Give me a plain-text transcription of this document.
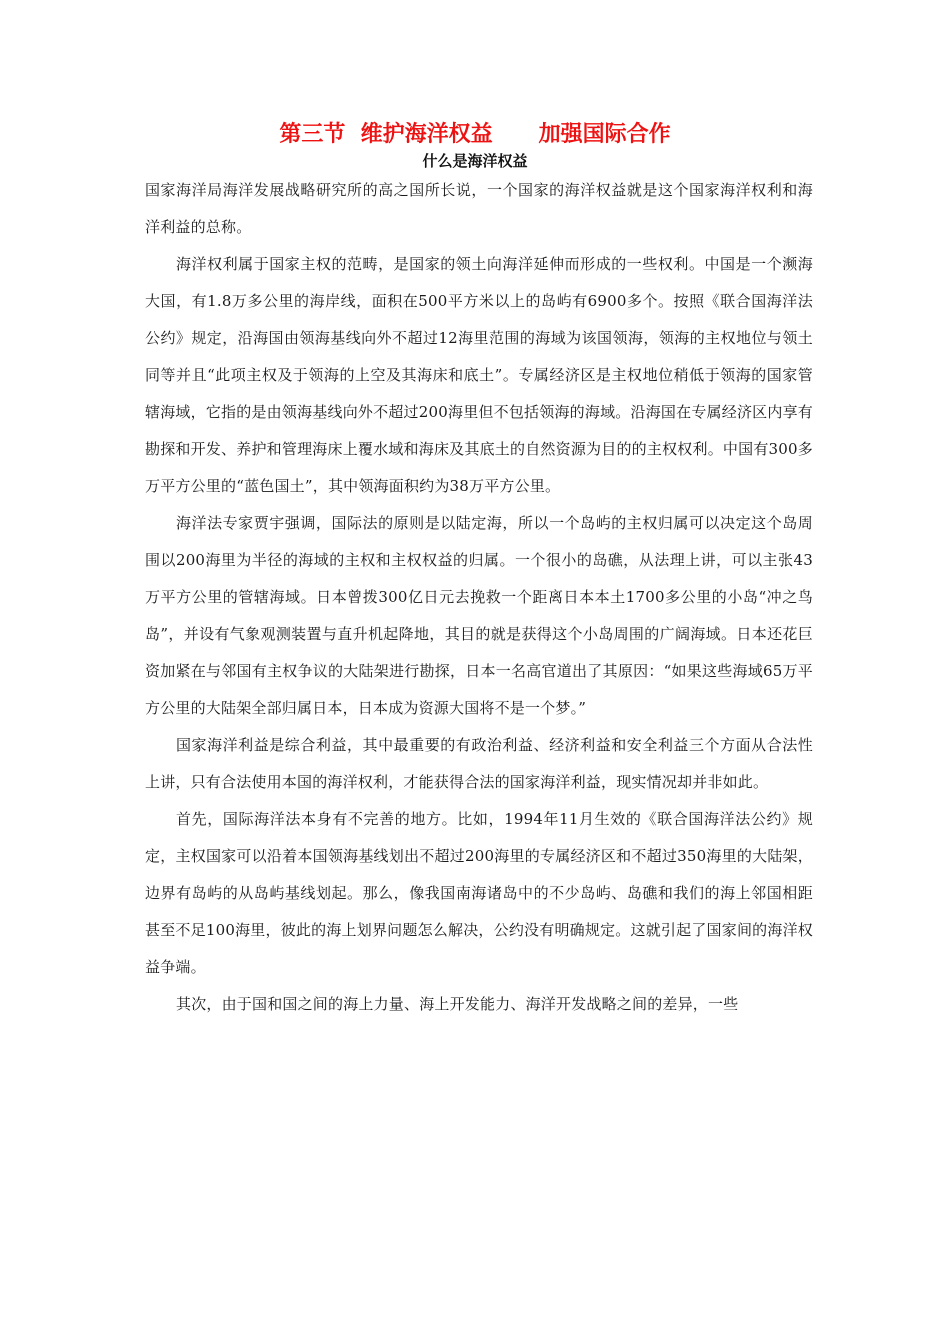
第三节  维护海洋权益      加强国际合作
什么是海洋权益

国家海洋局海洋发展战略研究所的高之国所长说，一个国家的海洋权益就是这个国家海洋权利和海洋利益的总称。

海洋权利属于国家主权的范畴，是国家的领土向海洋延伸而形成的一些权利。中国是一个濒海大国，有1.8万多公里的海岸线，面积在500平方米以上的岛屿有6900多个。按照《联合国海洋法公约》规定，沿海国由领海基线向外不超过12海里范围的海域为该国领海，领海的主权地位与领土同等并且“此项主权及于领海的上空及其海床和底土”。专属经济区是主权地位稍低于领海的国家管辖海域，它指的是由领海基线向外不超过200海里但不包括领海的海域。沿海国在专属经济区内享有勘探和开发、养护和管理海床上覆水域和海床及其底土的自然资源为目的的主权权利。中国有300多万平方公里的“蓝色国土”，其中领海面积约为38万平方公里。

海洋法专家贾宇强调，国际法的原则是以陆定海，所以一个岛屿的主权归属可以决定这个岛周围以200海里为半径的海域的主权和主权权益的归属。一个很小的岛礁，从法理上讲，可以主张43万平方公里的管辖海域。日本曾拨300亿日元去挽救一个距离日本本土1700多公里的小岛“冲之鸟岛”，并设有气象观测装置与直升机起降地，其目的就是获得这个小岛周围的广阔海域。日本还花巨资加紧在与邻国有主权争议的大陆架进行勘探，日本一名高官道出了其原因：“如果这些海域65万平方公里的大陆架全部归属日本，日本成为资源大国将不是一个梦。”

国家海洋利益是综合利益，其中最重要的有政治利益、经济利益和安全利益三个方面从合法性上讲，只有合法使用本国的海洋权利，才能获得合法的国家海洋利益，现实情况却并非如此。

首先，国际海洋法本身有不完善的地方。比如，1994年11月生效的《联合国海洋法公约》规定，主权国家可以沿着本国领海基线划出不超过200海里的专属经济区和不超过350海里的大陆架，边界有岛屿的从岛屿基线划起。那么，像我国南海诸岛中的不少岛屿、岛礁和我们的海上邻国相距甚至不足100海里，彼此的海上划界问题怎么解决，公约没有明确规定。这就引起了国家间的海洋权益争端。

其次，由于国和国之间的海上力量、海上开发能力、海洋开发战略之间的差异，一些
